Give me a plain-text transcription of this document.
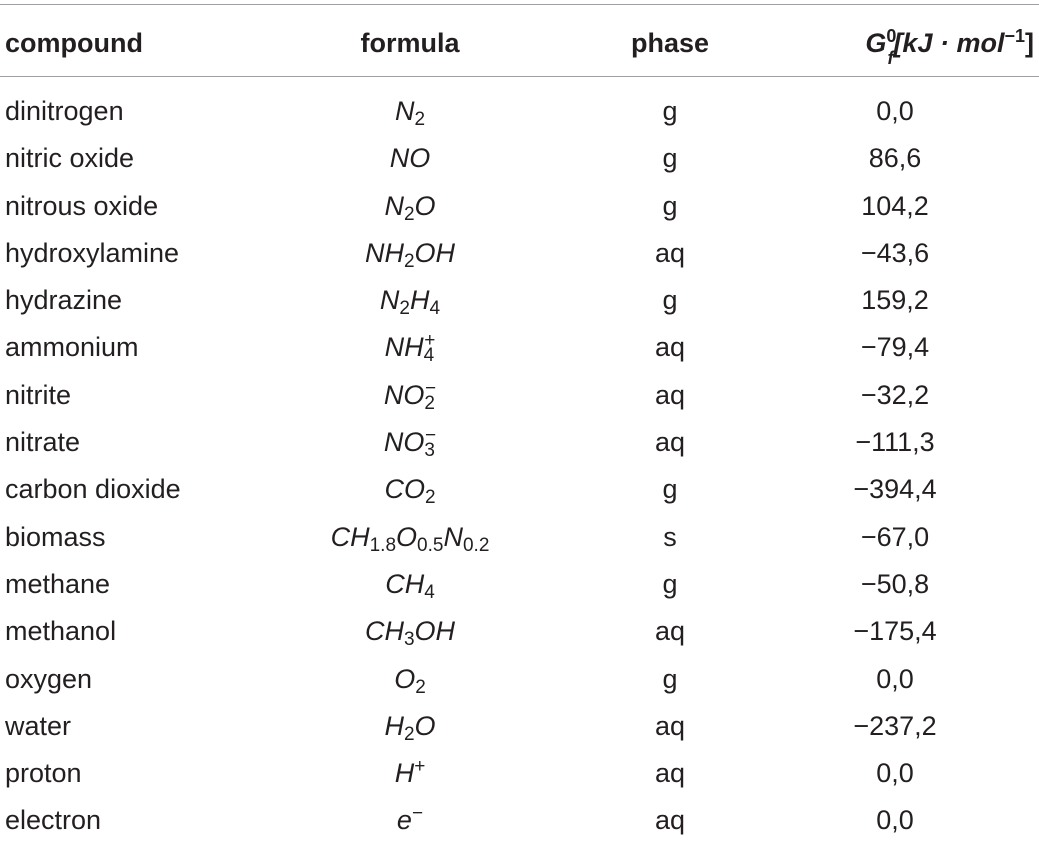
compound	formula	phase	$G^0_f[kJ \cdot mol^{-1}]$
dinitrogen	$N_2$	g	0,0
nitric oxide	NO	g	86,6
nitrous oxide	$N_2O$	g	104,2
hydroxylamine	$NH_2OH$	aq	−43,6
hydrazine	$N_2H_4$	g	159,2
ammonium	$NH_4^+$	aq	−79,4
nitrite	$NO_2^-$	aq	−32,2
nitrate	$NO_3^-$	aq	−111,3
carbon dioxide	$CO_2$	g	−394,4
biomass	$CH_{1.8}O_{0.5}N_{0.2}$	s	−67,0
methane	$CH_4$	g	−50,8
methanol	$CH_3OH$	aq	−175,4
oxygen	$O_2$	g	0,0
water	$H_2O$	aq	−237,2
proton	H+	aq	0,0
electron	e−	aq	0,0
